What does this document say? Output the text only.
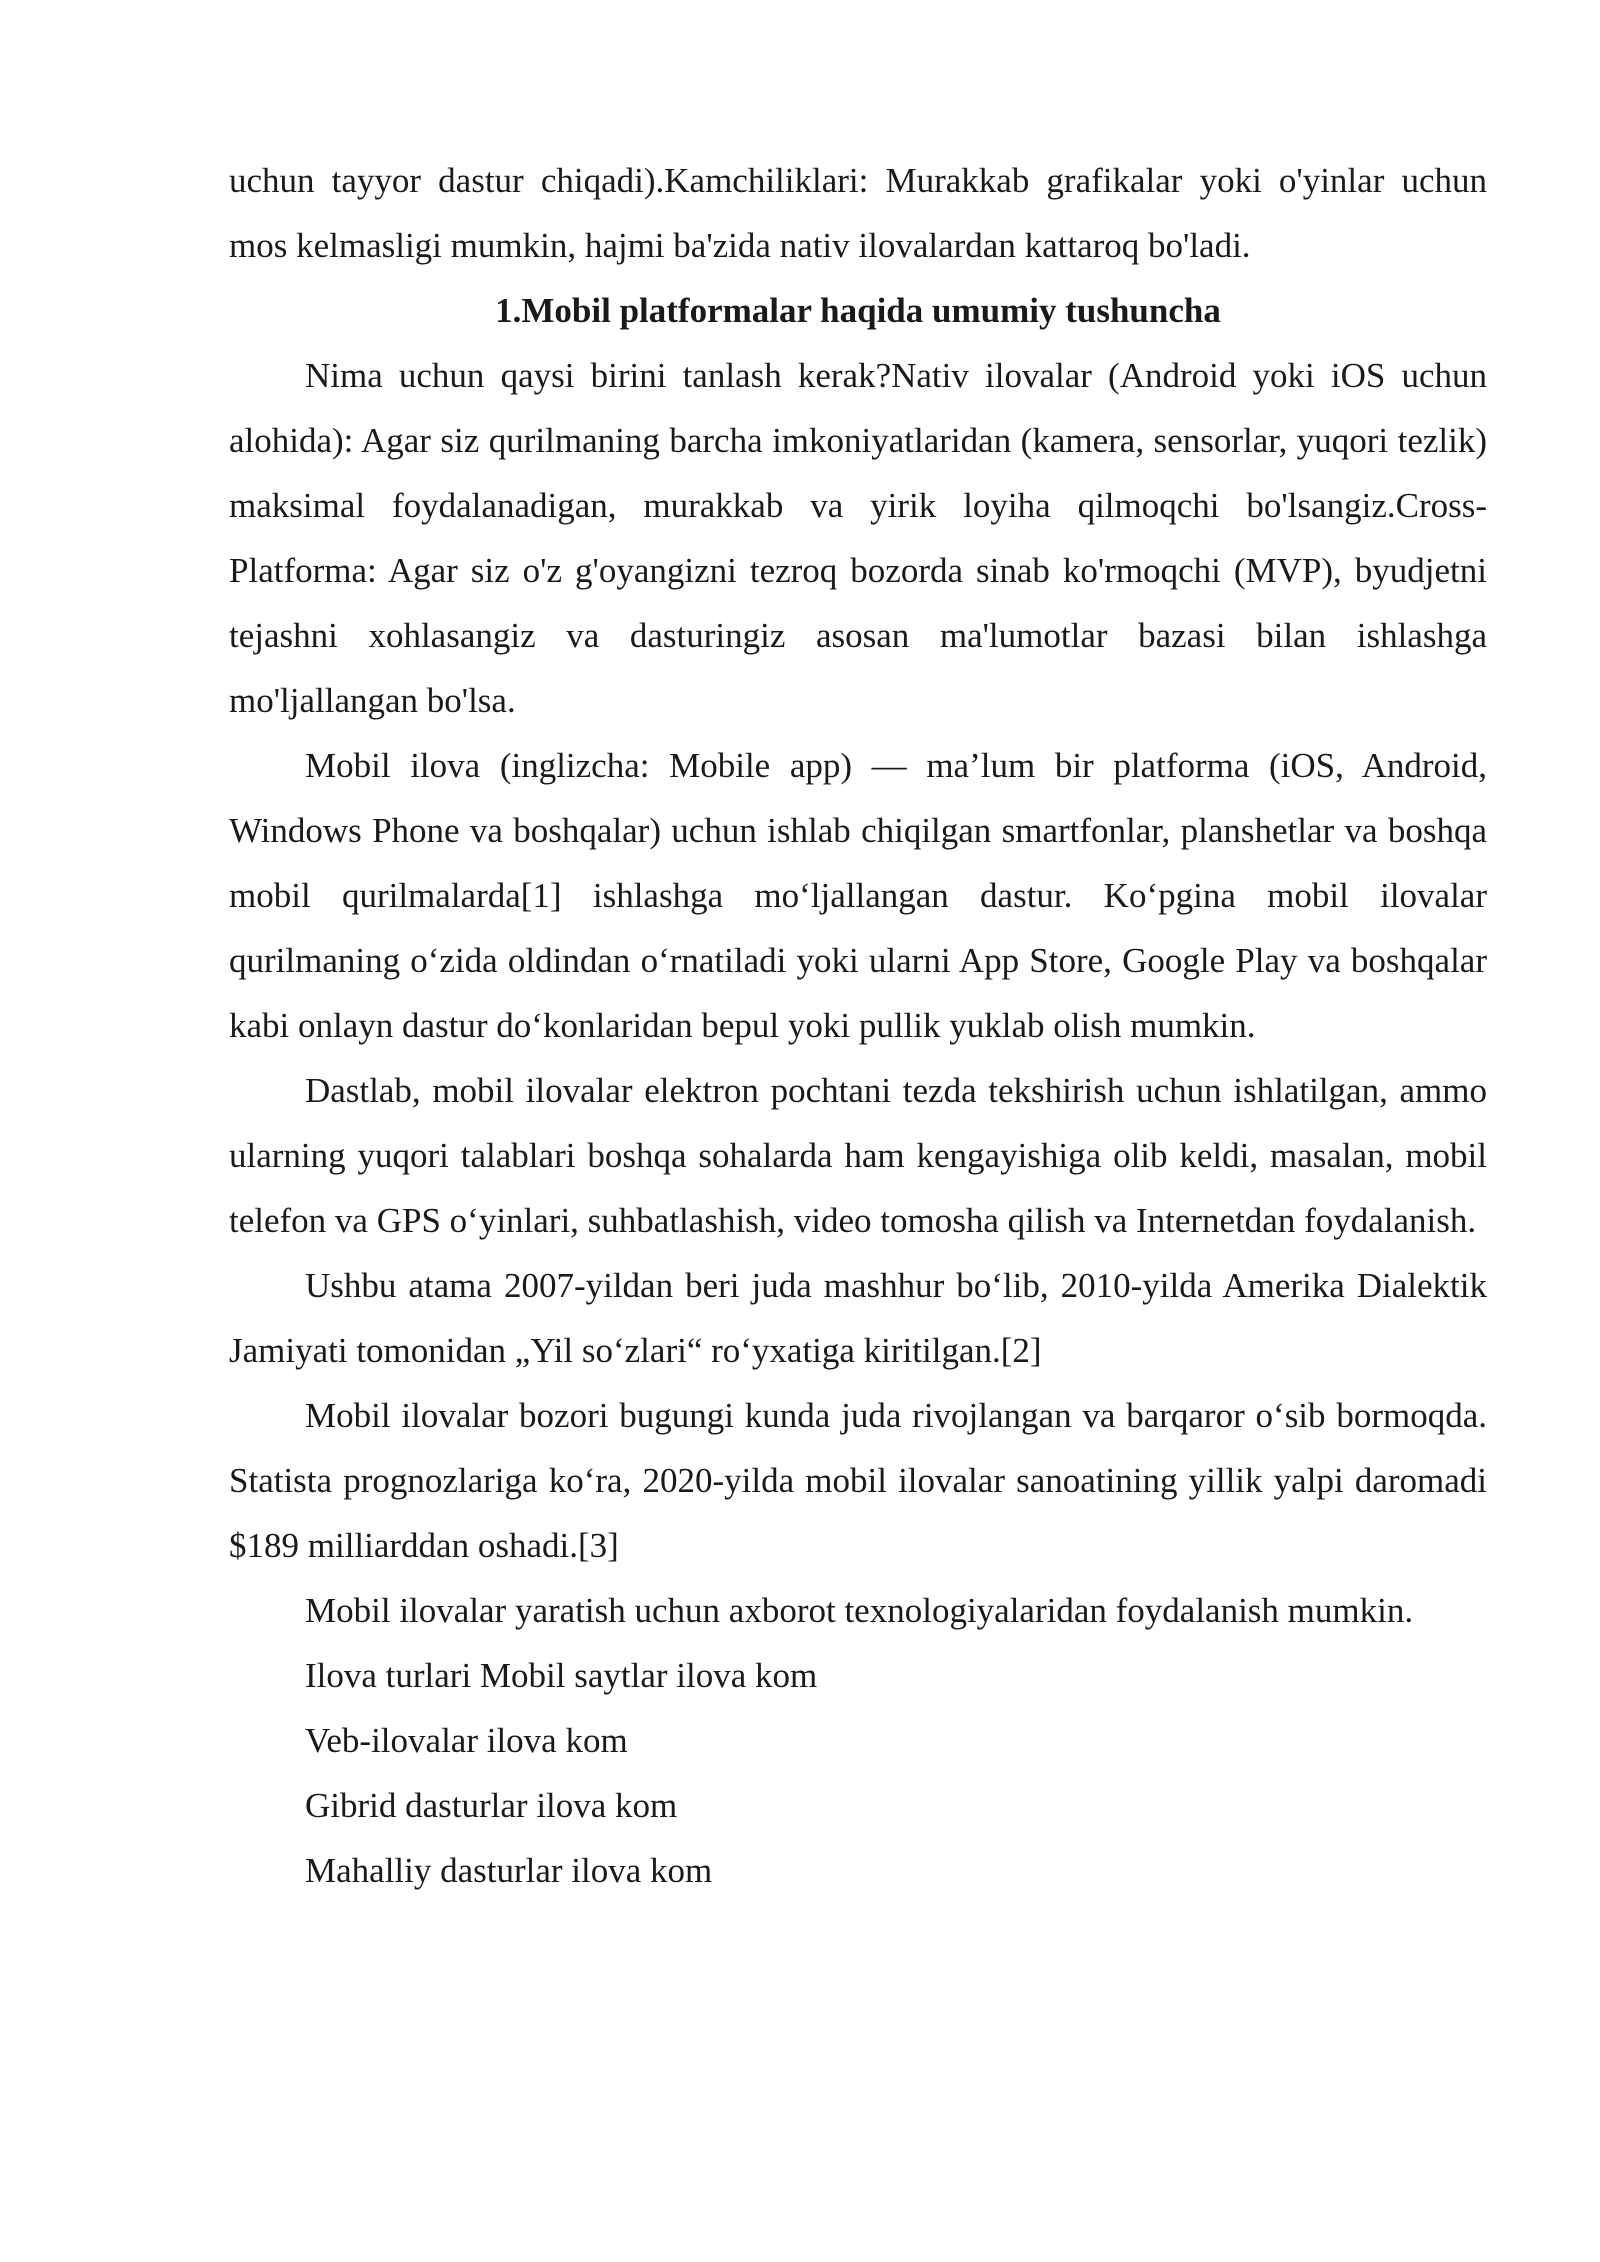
uchun tayyor dastur chiqadi).Kamchiliklari: Murakkab grafikalar yoki o'yinlar uchun mos kelmasligi mumkin, hajmi ba'zida nativ ilovalardan kattaroq bo'ladi.

1.Mobil platformalar haqida umumiy tushuncha

Nima uchun qaysi birini tanlash kerak?Nativ ilovalar (Android yoki iOS uchun alohida): Agar siz qurilmaning barcha imkoniyatlaridan (kamera, sensorlar, yuqori tezlik) maksimal foydalanadigan, murakkab va yirik loyiha qilmoqchi bo'lsangiz.Cross-Platforma: Agar siz o'z g'oyangizni tezroq bozorda sinab ko'rmoqchi (MVP), byudjetni tejashni xohlasangiz va dasturingiz asosan ma'lumotlar bazasi bilan ishlashga mo'ljallangan bo'lsa.

Mobil ilova (inglizcha: Mobile app) — ma’lum bir platforma (iOS, Android, Windows Phone va boshqalar) uchun ishlab chiqilgan smartfonlar, planshetlar va boshqa mobil qurilmalarda[1] ishlashga moʻljallangan dastur. Koʻpgina mobil ilovalar qurilmaning oʻzida oldindan oʻrnatiladi yoki ularni App Store, Google Play va boshqalar kabi onlayn dastur doʻkonlaridan bepul yoki pullik yuklab olish mumkin.

Dastlab, mobil ilovalar elektron pochtani tezda tekshirish uchun ishlatilgan, ammo ularning yuqori talablari boshqa sohalarda ham kengayishiga olib keldi, masalan, mobil telefon va GPS oʻyinlari, suhbatlashish, video tomosha qilish va Internetdan foydalanish.

Ushbu atama 2007-yildan beri juda mashhur boʻlib, 2010-yilda Amerika Dialektik Jamiyati tomonidan „Yil soʻzlari“ roʻyxatiga kiritilgan.[2]

Mobil ilovalar bozori bugungi kunda juda rivojlangan va barqaror oʻsib bormoqda. Statista prognozlariga koʻra, 2020-yilda mobil ilovalar sanoatining yillik yalpi daromadi $189 milliarddan oshadi.[3]

Mobil ilovalar yaratish uchun axborot texnologiyalaridan foydalanish mumkin.

Ilova turlari Mobil saytlar ilova kom

Veb-ilovalar ilova kom

Gibrid dasturlar ilova kom

Mahalliy dasturlar ilova kom
